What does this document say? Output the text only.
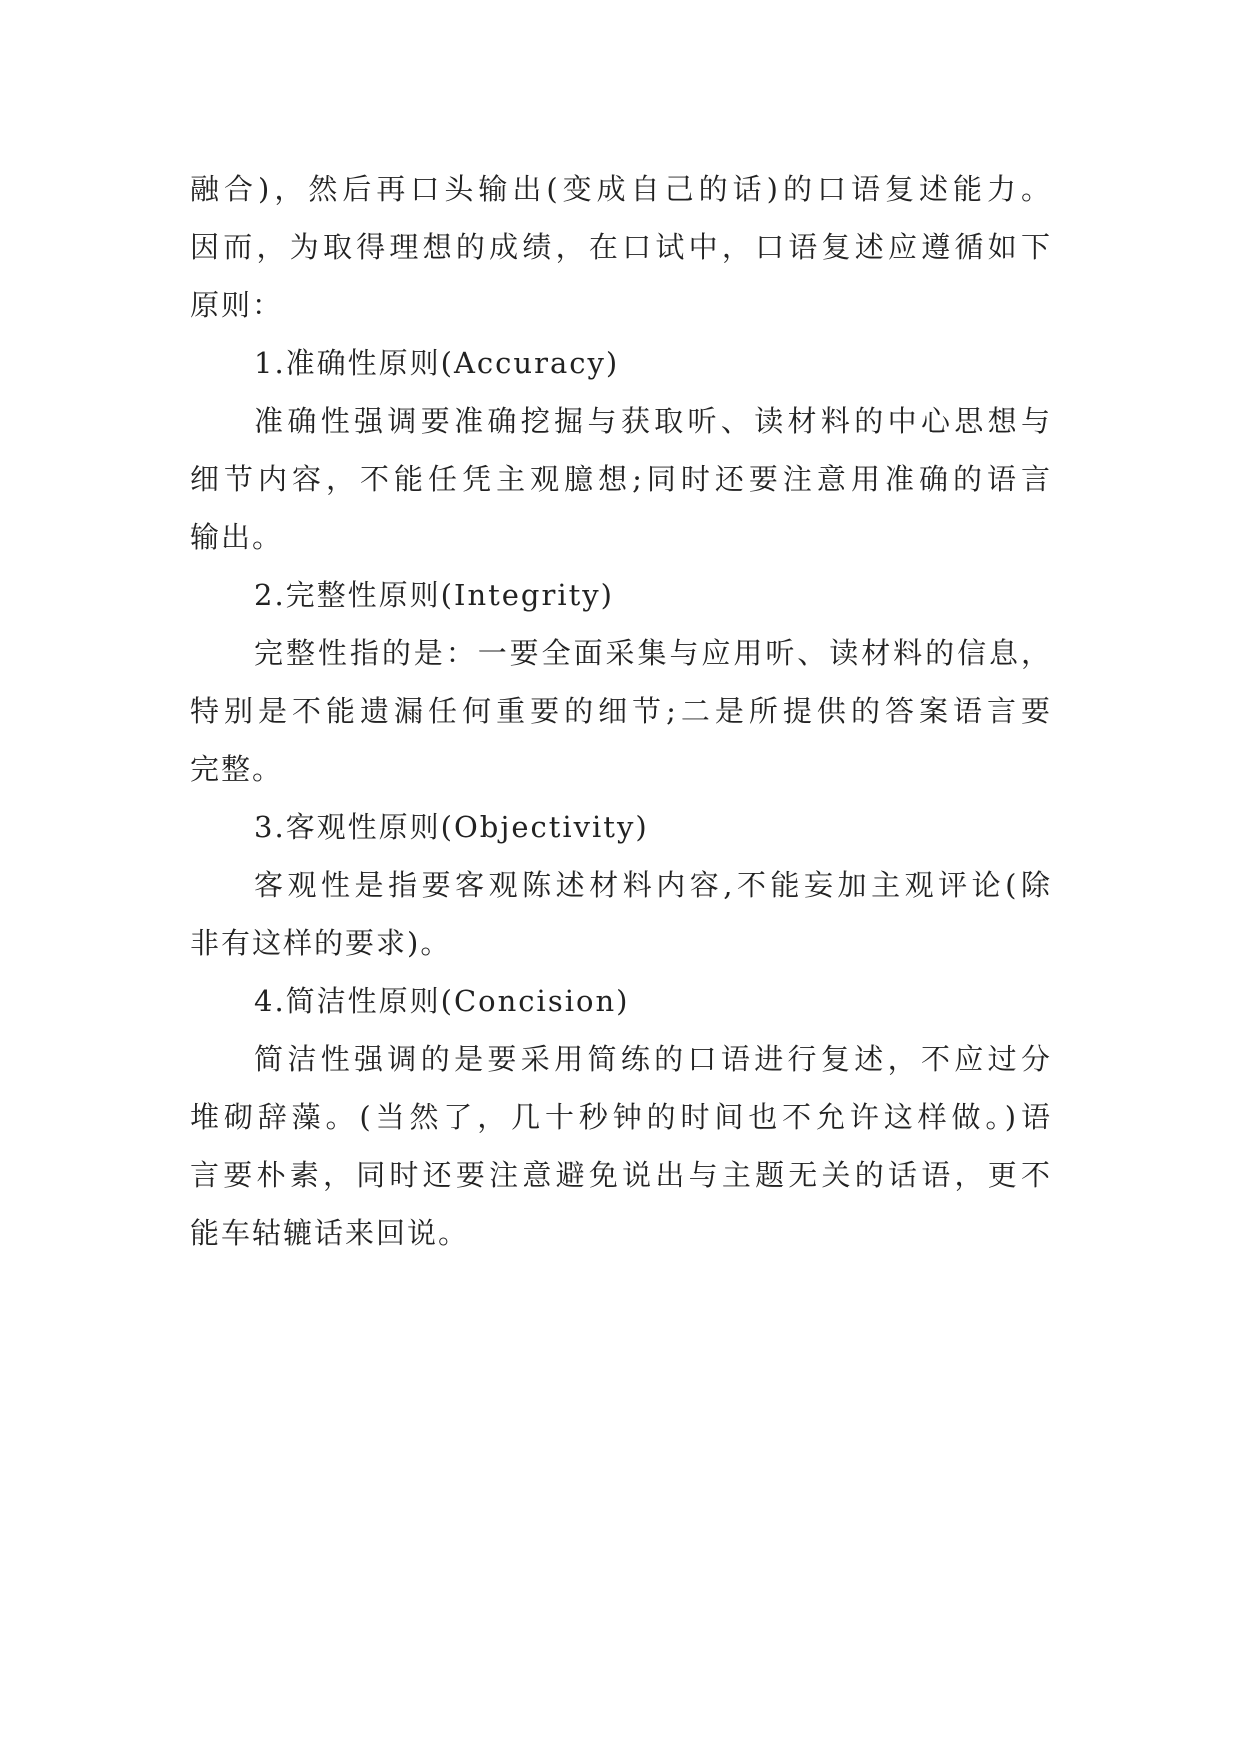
融合)，然后再口头输出(变成自己的话)的口语复述能力。
因而，为取得理想的成绩，在口试中，口语复述应遵循如下
原则：
1.准确性原则(Accuracy)
准确性强调要准确挖掘与获取听、读材料的中心思想与
细节内容，不能任凭主观臆想;同时还要注意用准确的语言
输出。
2.完整性原则(Integrity)
完整性指的是：一要全面采集与应用听、读材料的信息，
特别是不能遗漏任何重要的细节;二是所提供的答案语言要
完整。
3.客观性原则(Objectivity)
客观性是指要客观陈述材料内容,不能妄加主观评论(除
非有这样的要求)。
4.简洁性原则(Concision)
简洁性强调的是要采用简练的口语进行复述，不应过分
堆砌辞藻。(当然了，几十秒钟的时间也不允许这样做。)语
言要朴素，同时还要注意避免说出与主题无关的话语，更不
能车轱辘话来回说。
